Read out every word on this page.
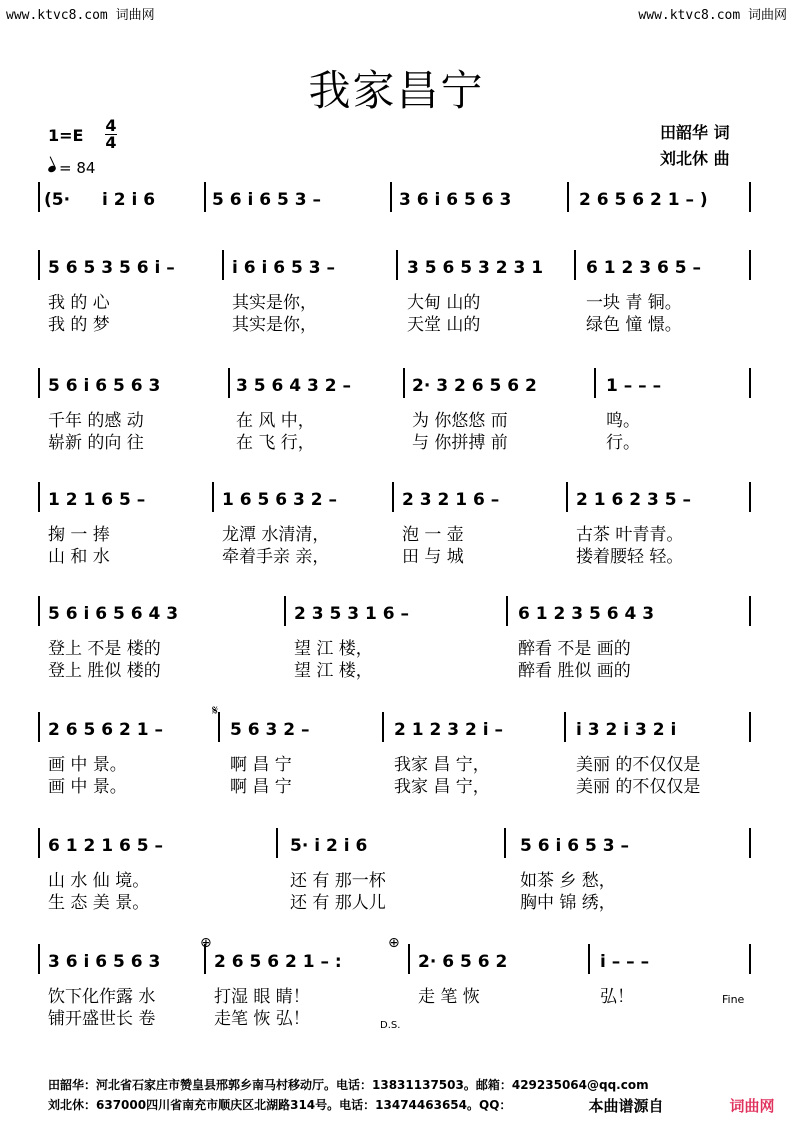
www.ktvc8.com 词曲网	www.ktvc8.com 词曲网
我家昌宁
1=E
4
4
= 84
田韶华 词
刘北休 曲
(5· i 2 i 6	5 6 i 6 5 3 –	3 6 i 6 5 6 3	2 6 5 6 2 1 – )
5 6 5 3 5 6 i –	i 6 i 6 5 3 –	3 5 6 5 3 2 3 1	6 1 2 3 6 5 –
我 的 心	其实是你，	大甸 山的	一块 青 铜。
我 的 梦	其实是你，	天堂 山的	绿色 憧 憬。
5 6 i 6 5 6 3	3 5 6 4 3 2 –	2· 3 2 6 5 6 2	1 – – –
千年 的感 动	在 风 中，	为 你悠悠 而	鸣。
崭新 的向 往	在 飞 行，	与 你拼搏 前	行。
1 2 1 6 5 –	1 6 5 6 3 2 –	2 3 2 1 6 –	2 1 6 2 3 5 –
掬 一 捧	龙潭 水清清，	泡 一 壶	古茶 叶青青。
山 和 水	牵着手亲 亲，	田 与 城	搂着腰轻 轻。
5 6 i 6 5 6 4 3	2 3 5 3 1 6 –	6 1 2 3 5 6 4 3
登上 不是 楼的	望 江 楼，	醉看 不是 画的
登上 胜似 楼的	望 江 楼，	醉看 胜似 画的
2 6 5 6 2 1 –	5 6 3 2 –	2 1 2 3 2 i –	i 3 2 i 3 2 i
画 中 景。	啊 昌 宁	我家 昌 宁，	美丽 的不仅仅是
画 中 景。	啊 昌 宁	我家 昌 宁，	美丽 的不仅仅是
6 1 2 1 6 5 –	5· i 2 i 6	5 6 i 6 5 3 –
山 水 仙 境。	还 有 那一杯	如茶 乡 愁，
生 态 美 景。	还 有 那人儿	胸中 锦 绣，
3 6 i 6 5 6 3	2 6 5 6 2 1 – :	2· 6 5 6 2	i – – –
饮下化作露 水	打湿 眼 睛！	走 笔 恢	弘！
铺开盛世长 卷	走笔 恢 弘！
𝄋
⊕	⊕
D.S.
Fine
田韶华：河北省石家庄市赞皇县邢郭乡南马村移动厅。电话：13831137503。邮箱：429235064@qq.com
刘北休：637000四川省南充市顺庆区北湖路314号。电话：13474463654。QQ：	本曲谱源自	词曲网
